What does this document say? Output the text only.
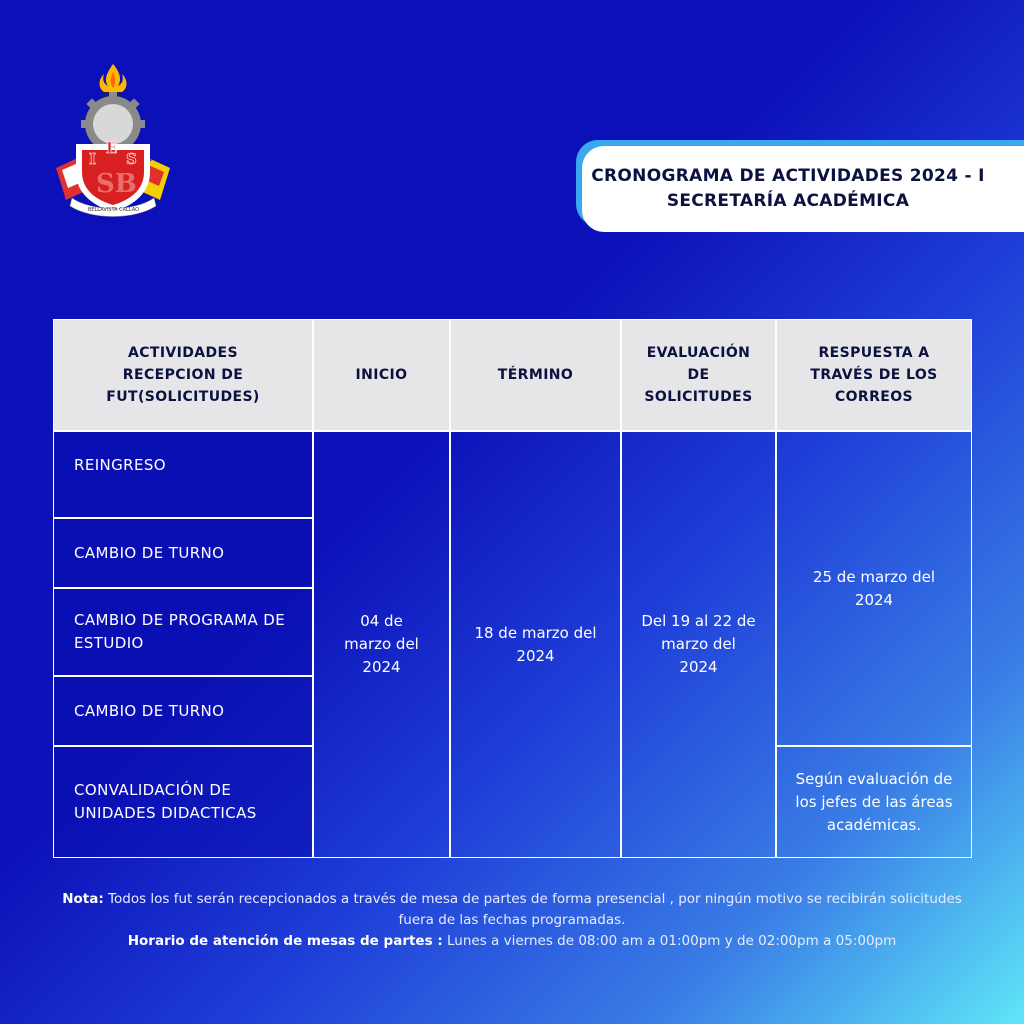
I
E
S
SB
BELLAVISTA CALLAO
CRONOGRAMA DE ACTIVIDADES 2024 - I
SECRETARÍA ACADÉMICA
ACTIVIDADES RECEPCION DE FUT(SOLICITUDES)
INICIO	TÉRMINO
EVALUACIÓN DE SOLICITUDES
RESPUESTA A TRAVÉS DE LOS CORREOS
REINGRESO
CAMBIO DE TURNO
CAMBIO DE PROGRAMA DE ESTUDIO
CAMBIO DE TURNO
CONVALIDACIÓN DE UNIDADES DIDACTICAS
04 de marzo del 2024
18 de marzo del 2024
Del 19 al 22 de marzo del 2024
25 de marzo del 2024
Según evaluación de los jefes de las áreas académicas.
Nota: Todos los fut serán recepcionados a través de mesa de partes de forma presencial , por ningún motivo se recibirán solicitudes fuera de las fechas programadas.
Horario de atención de mesas de partes : Lunes a viernes de 08:00 am a 01:00pm y de 02:00pm a 05:00pm
